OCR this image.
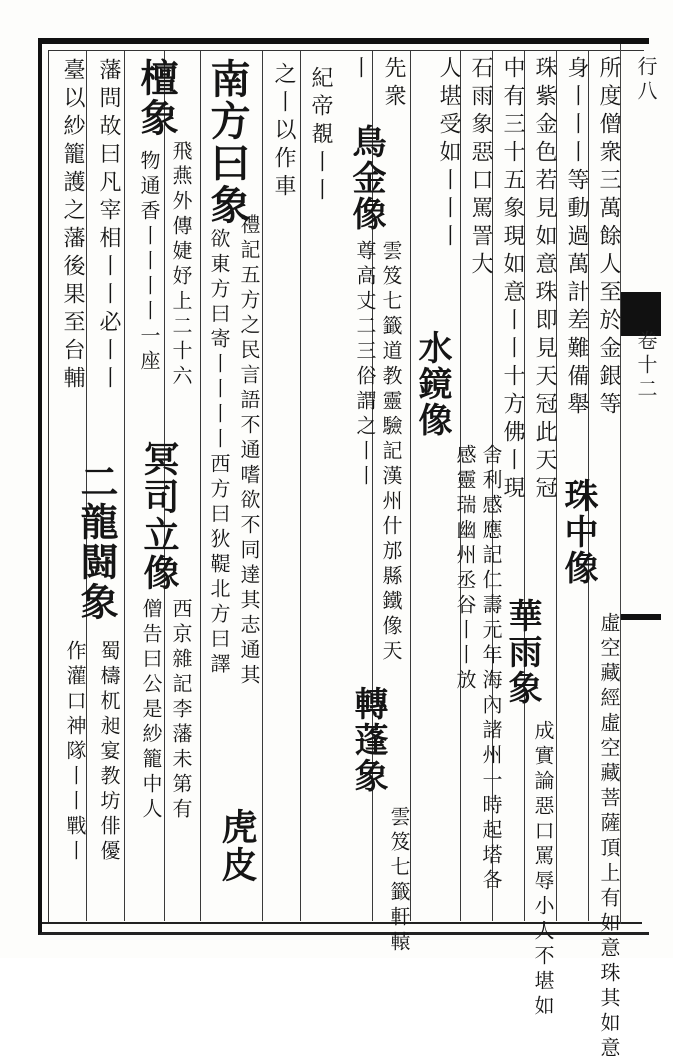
行八
卷十二
所度僧衆三萬餘人至於金銀等
身丨丨丨等動過萬計差難備舉
珠中像
虛空藏經虛空藏菩薩頂上有如意珠其如意
珠紫金色若見如意珠即見天冠此天冠
中有三十五象現如意丨丨十方佛丨現
華雨象
成實論惡口罵辱小人不堪如
石雨象惡口罵詈大
人堪受如丨丨丨
水鏡像
舍利感應記仁壽元年海內諸州一時起塔各感靈瑞幽州丞谷丨丨放
先衆
鳥金像
雲笈七籤道教靈驗記漢州什邡縣鐵像天尊高丈二三俗謂之丨丨
丨
轉蓬象
雲笈七籤軒轅
紀帝覩丨丨
之丨以作車
南方曰象
禮記五方之民言語不通嗜欲不同達其志通其
欲東方曰寄丨丨丨丨西方曰狄鞮北方曰譯
虎皮
檀象
飛燕外傳婕妤上二十六
物通香丨丨丨丨一座
冥司立像
僧告曰公是紗籠中人 西京雜記李藩未第有
藩問故曰凡宰相丨丨必丨丨
臺以紗籠護之藩後果至台輔
二龍闘象
蜀檮杌昶宴教坊俳優
作灌口神隊丨丨戰丨
